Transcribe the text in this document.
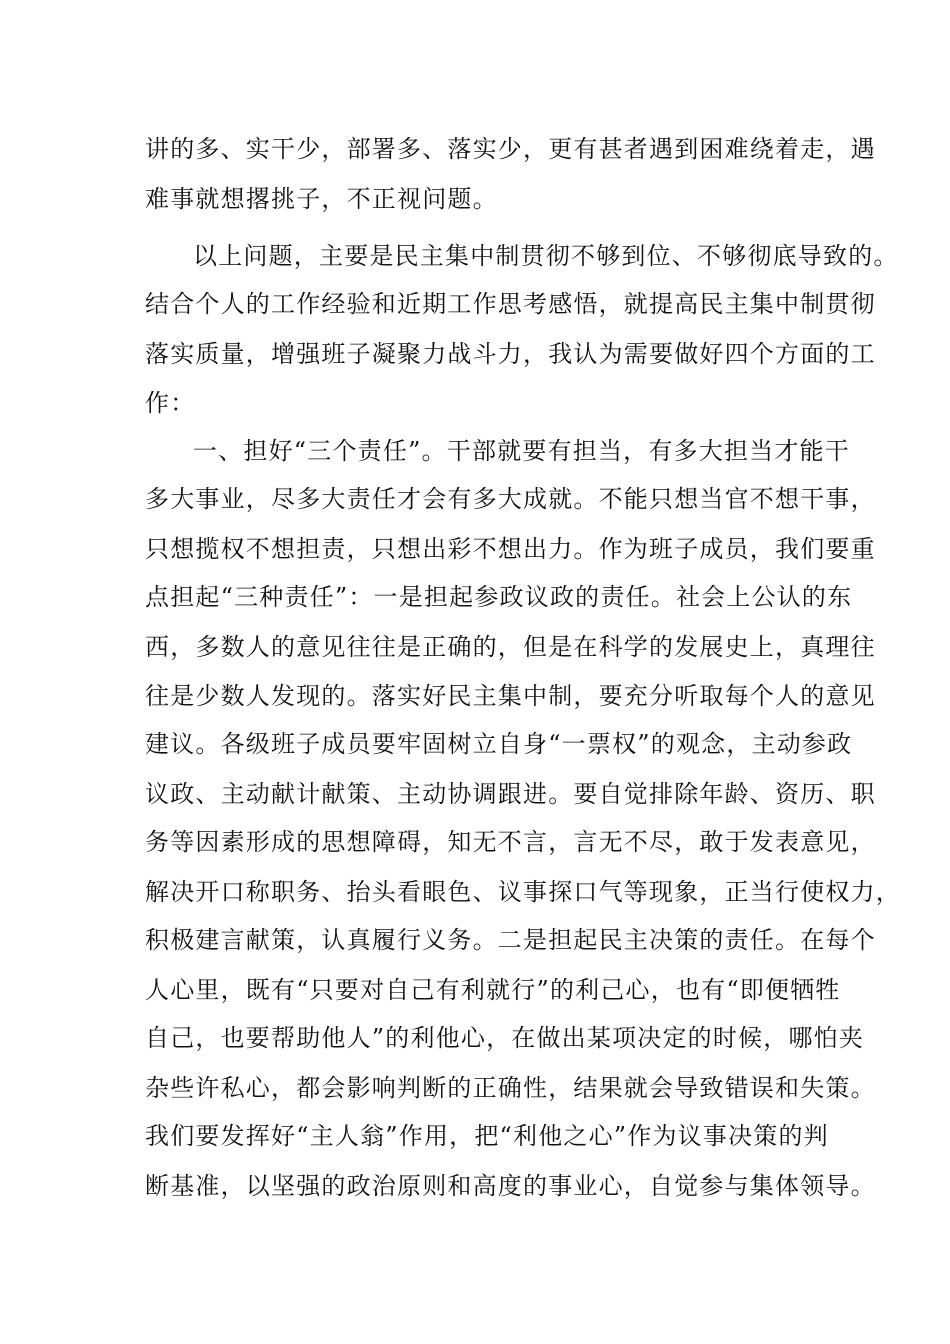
讲的多、实干少，部署多、落实少，更有甚者遇到困难绕着走，遇
难事就想撂挑子，不正视问题。
以上问题，主要是民主集中制贯彻不够到位、不够彻底导致的。
结合个人的工作经验和近期工作思考感悟，就提高民主集中制贯彻
落实质量，增强班子凝聚力战斗力，我认为需要做好四个方面的工
作：
一、担好“三个责任”。干部就要有担当，有多大担当才能干
多大事业，尽多大责任才会有多大成就。不能只想当官不想干事，
只想揽权不想担责，只想出彩不想出力。作为班子成员，我们要重
点担起“三种责任”：一是担起参政议政的责任。社会上公认的东
西，多数人的意见往往是正确的，但是在科学的发展史上，真理往
往是少数人发现的。落实好民主集中制，要充分听取每个人的意见
建议。各级班子成员要牢固树立自身“一票权”的观念，主动参政
议政、主动献计献策、主动协调跟进。要自觉排除年龄、资历、职
务等因素形成的思想障碍，知无不言，言无不尽，敢于发表意见，
解决开口称职务、抬头看眼色、议事探口气等现象，正当行使权力，
积极建言献策，认真履行义务。二是担起民主决策的责任。在每个
人心里，既有“只要对自己有利就行”的利己心，也有“即便牺牲
自己，也要帮助他人”的利他心，在做出某项决定的时候，哪怕夹
杂些许私心，都会影响判断的正确性，结果就会导致错误和失策。
我们要发挥好“主人翁”作用，把“利他之心”作为议事决策的判
断基准，以坚强的政治原则和高度的事业心，自觉参与集体领导。
